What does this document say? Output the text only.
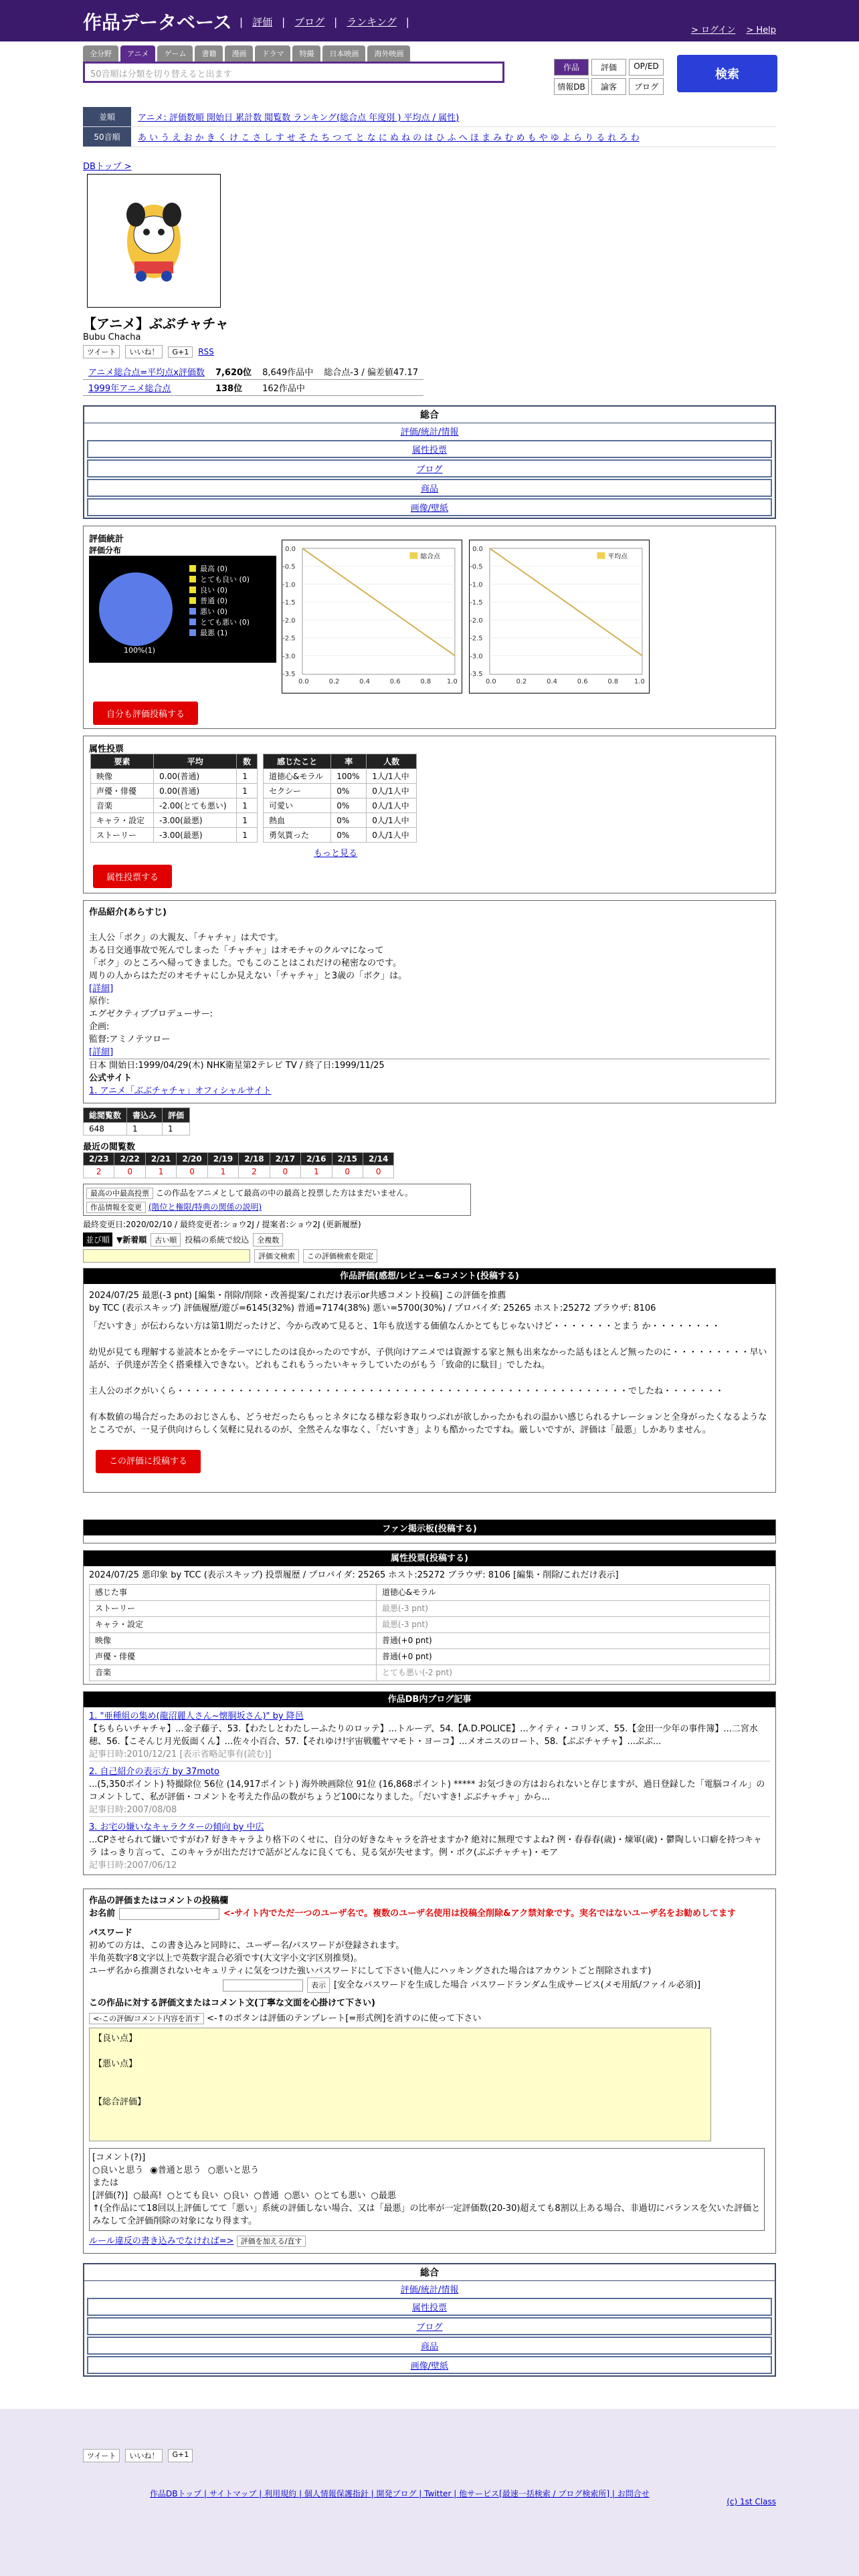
作品データベース | 評価 | ブログ | ランキング |
> ログイン > Help
全分野	アニメ	ゲーム	書籍	漫画	ドラマ	特撮	日本映画	海外映画
50音順は分類を切り替えると出ます
作品	評価	OP/ED
情報DB	論客	ブログ
検索
並順	アニメ: 評価数順 開始日 累計数 閲覧数 ランキング(総合点 年度別 ) 平均点 / 属性)
50音順	あ い う え お か き く け こ さ し す せ そ た ち つ て と な に ぬ ね の は ひ ふ へ ほ ま み む め も や ゆ よ ら り る れ ろ わ
DBトップ >
【アニメ】ぶぶチャチャ
Bubu Chacha
ツイート	いいね！	G+1	RSS
アニメ総合点=平均点x評価数	7,620位	8,649作品中	総合点-3 / 偏差値47.17
1999年アニメ総合点	138位	162作品中	
総合
評価/統計/情報
属性投票
ブログ
商品
画像/壁紙
評価統計
評価分布
100%(1)
最高 (0)
とても良い (0)
良い (0)
普通 (0)
悪い (0)
とても悪い (0)
最悪 (1)
総合点
0.0
-0.5
-1.0
-1.5
-2.0
-2.5
-3.0
-3.5
0.0	0.2	0.4	0.6	0.8 1.0
平均点
0.0
-0.5
-1.0
-1.5
-2.0
-2.5
-3.0
-3.5
0.0	0.2	0.4	0.6	0.8 1.0
自分も評価投稿する
属性投票
要素	平均	数
映像	0.00(普通)	1
声優・俳優	0.00(普通)	1
音楽	-2.00(とても悪い)	1
キャラ・設定	-3.00(最悪)	1
ストーリー	-3.00(最悪)	1
感じたこと	率	人数
道徳心&モラル	100%	1人/1人中
セクシー	0%	0人/1人中
可愛い	0%	0人/1人中
熱血	0%	0人/1人中
勇気貰った	0%	0人/1人中
もっと見る
属性投票する
作品紹介(あらすじ)

主人公「ボク」の大親友、「チャチャ」は犬です。
ある日交通事故で死んでしまった「チャチャ」はオモチャのクルマになって
「ボク」のところへ帰ってきました。でもこのことはこれだけの秘密なのです。
周りの人からはただのオモチャにしか見えない「チャチャ」と3歳の「ボク」は。
[詳細]
原作:
エグゼクティブプロデューサー:
企画:
監督:アミノテツロー
[詳細]
日本 開始日:1999/04/29(木) NHK衛星第2テレビ TV / 終了日:1999/11/25
公式サイト
1. アニメ「ぶぶチャチャ」オフィシャルサイト
総閲覧数	書込み	評価
648	1	1
最近の閲覧数
2/23	2/22	2/21	2/20	2/19	2/18	2/17	2/16	2/15	2/14
2	0	1	0	1	2	0	1	0	0
最高の中最高投票 この作品をアニメとして最高の中の最高と投票した方はまだいません。
作品情報を変更 (階位と権限/特典の関係の説明)
最終変更日:2020/02/10 / 最終変更者:ショウ2J / 提案者:ショウ2J (更新履歴)
並び順 ▼新着順	古い順	投稿の系統で絞込	全複数
評価文検索	この評価検索を限定
作品評価(感想/レビュー&コメント(投稿する)
2024/07/25 最悪(-3 pnt) [編集・削除/削除・改善提案/これだけ表示or共感コメント投稿] この評価を推薦
by TCC (表示スキップ) 評価履歴/遊び=6145(32%) 普通=7174(38%) 悪い=5700(30%) / プロバイダ: 25265 ホスト:25272 ブラウザ: 8106
「だいすき」が伝わらない方は第1期だったけど、今から改めて見ると、1年も放送する価値なんかとてもじゃないけど・・・・・・・とまう か・・・・・・・・
幼児が見ても理解する並読本とかをテーマにしたのは良かったのですが、子供向けアニメでは資源する家と無も出来なかった話もほとんど無ったのに・・・・・・・・・早い話が、子供達が苦全く搭乗様入できない。どれもこれもうったいキャラしていたのがもう「致命的に駄目」でしたね。
主人公のボクがいくら・・・・・・・・・・・・・・・・・・・・・・・・・・・・・・・・・・・・・・・・・・・・・・・・・・・・でしたね・・・・・・・
有本数値の場合だったあのおじさんも、どうせだったらもっとネタになる様な彩き取りつぶれが欲しかったかもれの温かい感じられるナレーションと全身がったくなるようなところでが、一見子供向けらしく気軽に見れるのが、全然そんな事なく、「だいすき」よりも酷かったですね。厳しいですが、評価は「最悪」しかありません。
この評価に投稿する
ファン掲示板(投稿する)
属性投票(投稿する)
2024/07/25 悪印象 by TCC (表示スキップ) 投票履歴 / プロバイダ: 25265 ホスト:25272 ブラウザ: 8106 [編集・削除/これだけ表示]
感じた事	道徳心&モラル
ストーリー	最悪(-3 pnt)
キャラ・設定	最悪(-3 pnt)
映像	普通(+0 pnt)
声優・俳優	普通(+0 pnt)
音楽	とても悪い(-2 pnt)
作品DB内ブログ記事
1. "亜種組の集め(龍沼麗人さん~懐胴坂さん)" by 降邑
【ちもらいチャチャ】...金子藤子、53.【わたしとわたしーふたりのロッテ】...トルーデ、54.【A.D.POLICE】...ケイティ・コリンズ、55.【金田一少年の事件簿】...二宮水穂、56.【こそんじ月光仮面くん】...佐々小百合、57.【それゆけ!宇宙戦艦ヤマモト・ヨーコ】...メオニスのロート、58.【ぶぶチャチャ】...ぶぶ...
記事日時:2010/12/21 [表示省略記事有(読む)]
2. 自己紹介の表示方 by 37moto
...(5,350ポイント) 特撮除位 56位 (14,917ポイント) 海外映画除位 91位 (16,868ポイント) ***** お気づきの方はおられないと存じますが、過日登録した「電脳コイル」のコメントして、私が評価・コメントを考えた作品の数がちょうど100になりました。「だいすき! ぶぶチャチャ」から...
記事日時:2007/08/08
3. お宅の嫌いなキャラクターの傾向 by 中広
...CPさせられて嫌いですがわ? 好きキャラより格下のくせに、自分の好きなキャラを許せますか? 絶対に無理ですよね? 例・春春春(歳)・煉軍(歳)・鬱陶しい口癖を持つキャラ はっきり言って、このキャラが出ただけで話がどんなに良くても、見る気が失せます。例・ボク(ぶぶチャチャ)・モア
記事日時:2007/06/12
作品の評価またはコメントの投稿欄
お名前	<-サイト内でただ一つのユーザ名で。複数のユーザ名使用は投稿全削除&アク禁対象です。実名ではないユーザ名をお勧めしてます
パスワード
初めての方は、この書き込みと同時に、ユーザー名/パスワードが登録されます。
半角英数字8文字以上で英数字混合必須です(大文字小文字区別推奨)。
ユーザ名から推測されないセキュリティに気をつけた強いパスワードにして下さい(他人にハッキングされた場合はアカウントごと削除されます)
表示 [安全なパスワードを生成した場合 パスワードランダム生成サービス(メモ用紙/ファイル必須)]
この作品に対する評価文またはコメント文(丁寧な文面を心掛けて下さい)
<-この評価/コメント内容を消す <-↑のボタンは評価のテンプレート[=形式例]を消すのに使って下さい
【良い点】

【悪い点】

【総合評価】
[コメント(?)]
○良いと思う ◉普通と思う ○悪いと思う
または
[評価(?)] ○最高! ○とても良い ○良い ○普通 ○悪い ○とても悪い ○最悪
↑(全作品にて18回以上評価してて「悪い」系統の評価しない場合、又は「最悪」の比率が一定評価数(20-30)超えても8割以上ある場合、非過切にバランスを欠いた評価とみなして全評価削除の対象になり得ます。
ルール違反の書き込みでなければ=> 評価を加える/直す
総合
評価/統計/情報
属性投票
ブログ
商品
画像/壁紙
ツイート	いいね！	G+1
作品DBトップ | サイトマップ | 利用規約 | 個人情報保護指針 | 開発ブログ | Twitter | 他サービス[最速一括検索 / ブログ検索所] | お問合せ
(c) 1st Class
